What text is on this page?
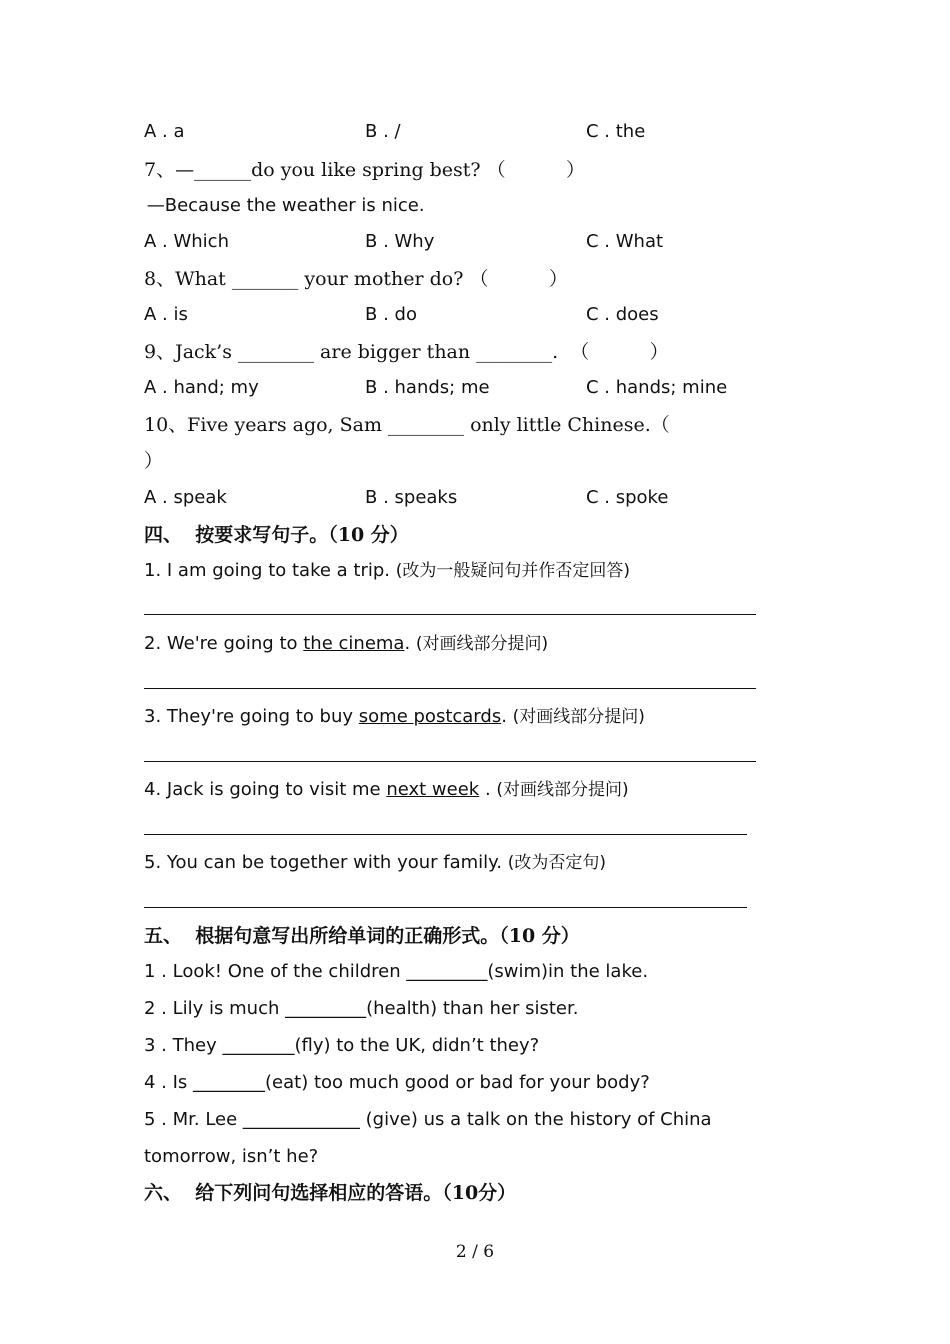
A . a	B . /	C . the
7、—______do you like spring best? （          ）
—Because the weather is nice.
A . Which	B . Why	C . What
8、What _______ your mother do? （          ）
A . is	B . do	C . does
9、Jack’s ________ are bigger than ________.  （          ）
A . hand; my	B . hands; me	C . hands; mine
10、Five years ago, Sam ________ only little Chinese.（
）
A . speak	B . speaks	C . spoke
四、  按要求写句子。（10 分）
1. I am going to take a trip. (改为一般疑问句并作否定回答)
2. We're going to the cinema. (对画线部分提问)
3. They're going to buy some postcards. (对画线部分提问)
4. Jack is going to visit me next week . (对画线部分提问)
5. You can be together with your family. (改为否定句)
五、  根据句意写出所给单词的正确形式。（10 分）
1 . Look! One of the children _________(swim)in the lake.
2 . Lily is much _________(health) than her sister.
3 . They ________(fly) to the UK, didn’t they?
4 . Is ________(eat) too much good or bad for your body?
5 . Mr. Lee _____________ (give) us a talk on the history of China
tomorrow, isn’t he?
六、  给下列问句选择相应的答语。（10分）
2 / 6
